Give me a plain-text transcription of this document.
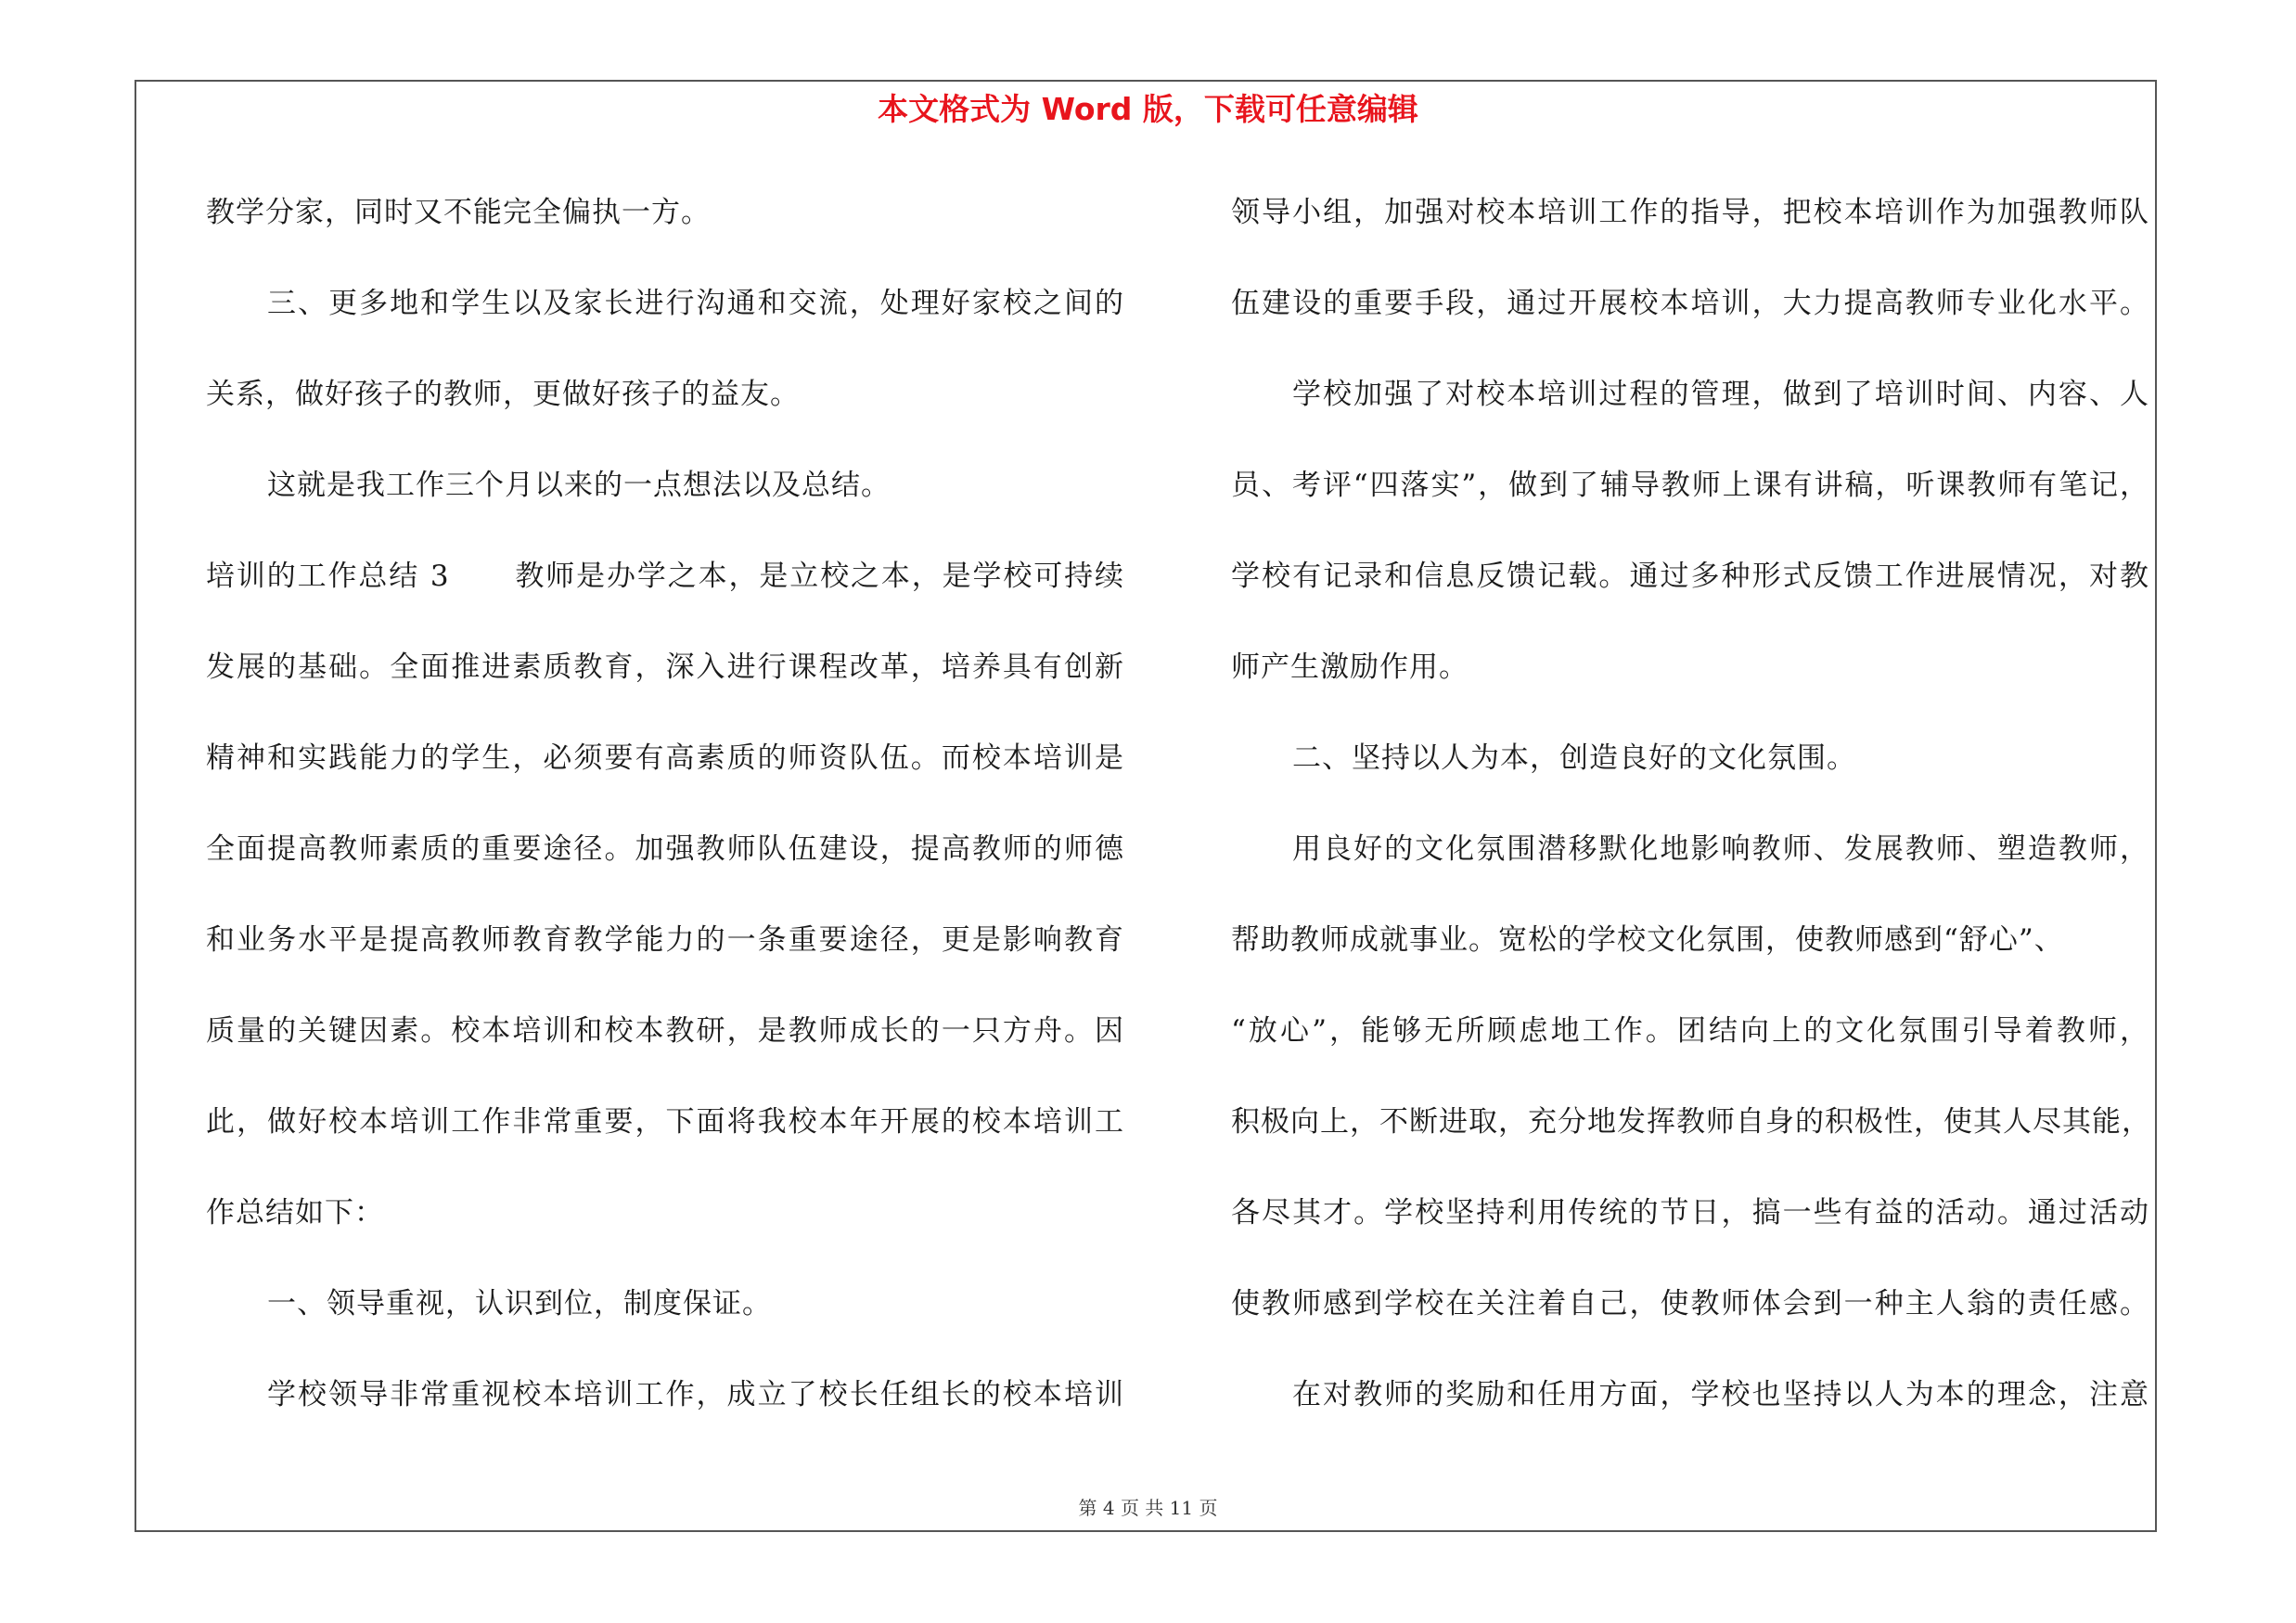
本文格式为 Word 版，下载可任意编辑
教学分家，同时又不能完全偏执一方。
三、更多地和学生以及家长进行沟通和交流，处理好家校之间的
关系，做好孩子的教师，更做好孩子的益友。
这就是我工作三个月以来的一点想法以及总结。
培训的工作总结 3 教师是办学之本，是立校之本，是学校可持续
发展的基础。全面推进素质教育，深入进行课程改革，培养具有创新
精神和实践能力的学生，必须要有高素质的师资队伍。而校本培训是
全面提高教师素质的重要途径。加强教师队伍建设，提高教师的师德
和业务水平是提高教师教育教学能力的一条重要途径，更是影响教育
质量的关键因素。校本培训和校本教研，是教师成长的一只方舟。因
此，做好校本培训工作非常重要，下面将我校本年开展的校本培训工
作总结如下：
一、领导重视，认识到位，制度保证。
学校领导非常重视校本培训工作，成立了校长任组长的校本培训
领导小组，加强对校本培训工作的指导，把校本培训作为加强教师队
伍建设的重要手段，通过开展校本培训，大力提高教师专业化水平。
学校加强了对校本培训过程的管理，做到了培训时间、内容、人
员、考评“四落实”，做到了辅导教师上课有讲稿，听课教师有笔记，
学校有记录和信息反馈记载。通过多种形式反馈工作进展情况，对教
师产生激励作用。
二、坚持以人为本，创造良好的文化氛围。
用良好的文化氛围潜移默化地影响教师、发展教师、塑造教师，
帮助教师成就事业。宽松的学校文化氛围，使教师感到“舒心”、
“放心”，能够无所顾虑地工作。团结向上的文化氛围引导着教师，
积极向上，不断进取，充分地发挥教师自身的积极性，使其人尽其能，
各尽其才。学校坚持利用传统的节日，搞一些有益的活动。通过活动
使教师感到学校在关注着自己，使教师体会到一种主人翁的责任感。
在对教师的奖励和任用方面，学校也坚持以人为本的理念，注意
第 4 页 共 11 页
